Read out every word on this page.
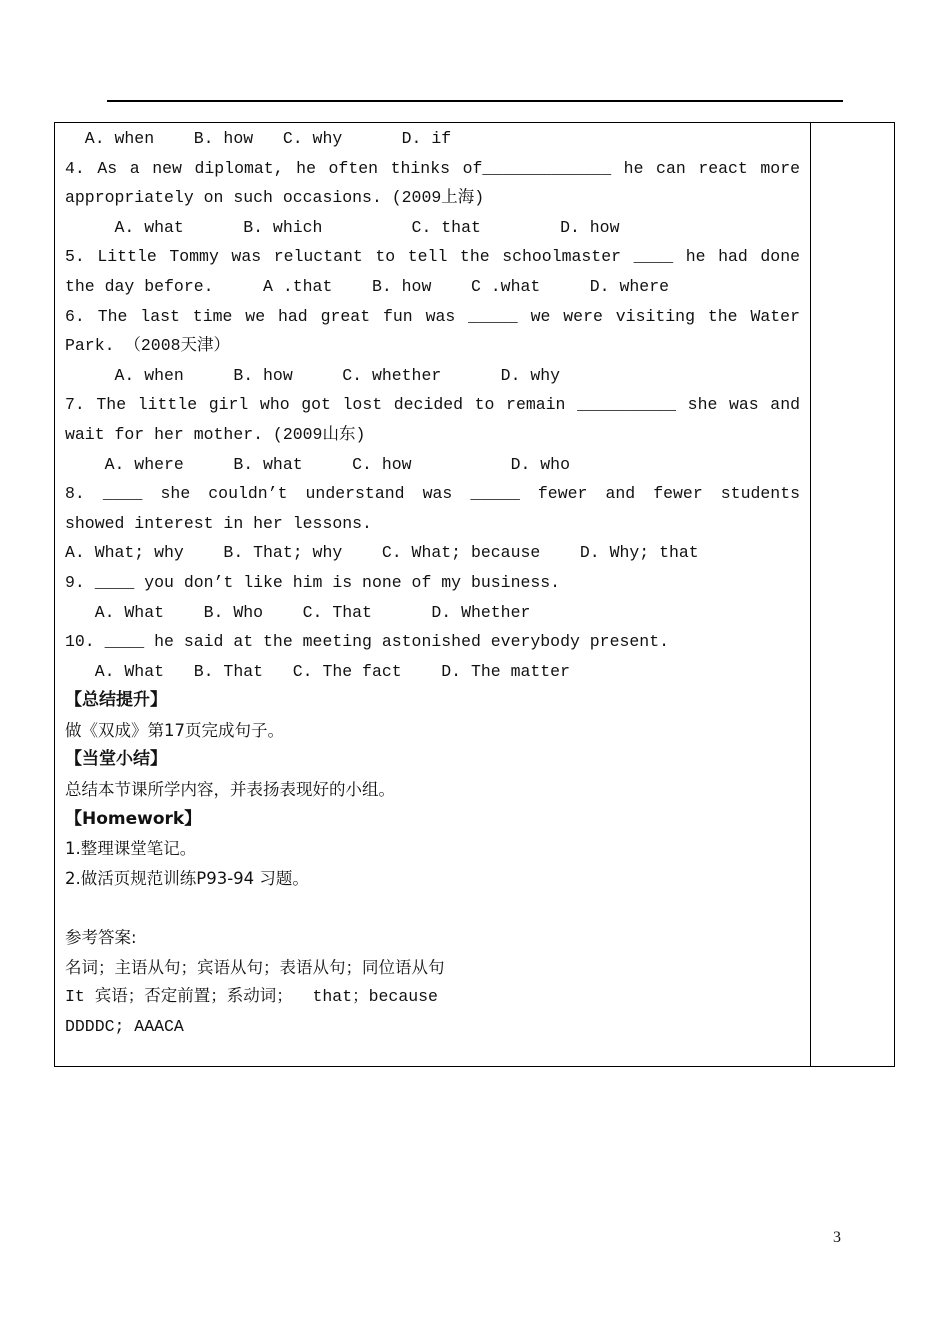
A. when    B. how   C. why      D. if
4. As a new diplomat, he often thinks of_____________ he can react more
appropriately on such occasions. (2009上海)
A. what      B. which         C. that        D. how
5. Little Tommy was reluctant to tell the schoolmaster ____ he had done
the day before.     A .that    B. how    C .what     D. where
6. The last time we had great fun was _____ we were visiting the Water
Park. （2008天津）
A. when     B. how     C. whether      D. why
7. The little girl who got lost decided to remain __________ she was and
wait for her mother. (2009山东)
A. where     B. what     C. how          D. who
8. ____ she couldn’t understand was _____ fewer and fewer students
showed interest in her lessons.
A. What; why    B. That; why    C. What; because    D. Why; that
9. ____ you don’t like him is none of my business.
A. What    B. Who    C. That      D. Whether
10. ____ he said at the meeting astonished everybody present.
A. What   B. That   C. The fact    D. The matter
【总结提升】
做《双成》第17页完成句子。
【当堂小结】
总结本节课所学内容，并表扬表现好的小组。
【Homework】
1.整理课堂笔记。
2.做活页规范训练P93-94 习题。
参考答案:
名词；主语从句；宾语从句；表语从句；同位语从句
It 宾语；否定前置；系动词；  that；because
DDDDC; AAACA
3
